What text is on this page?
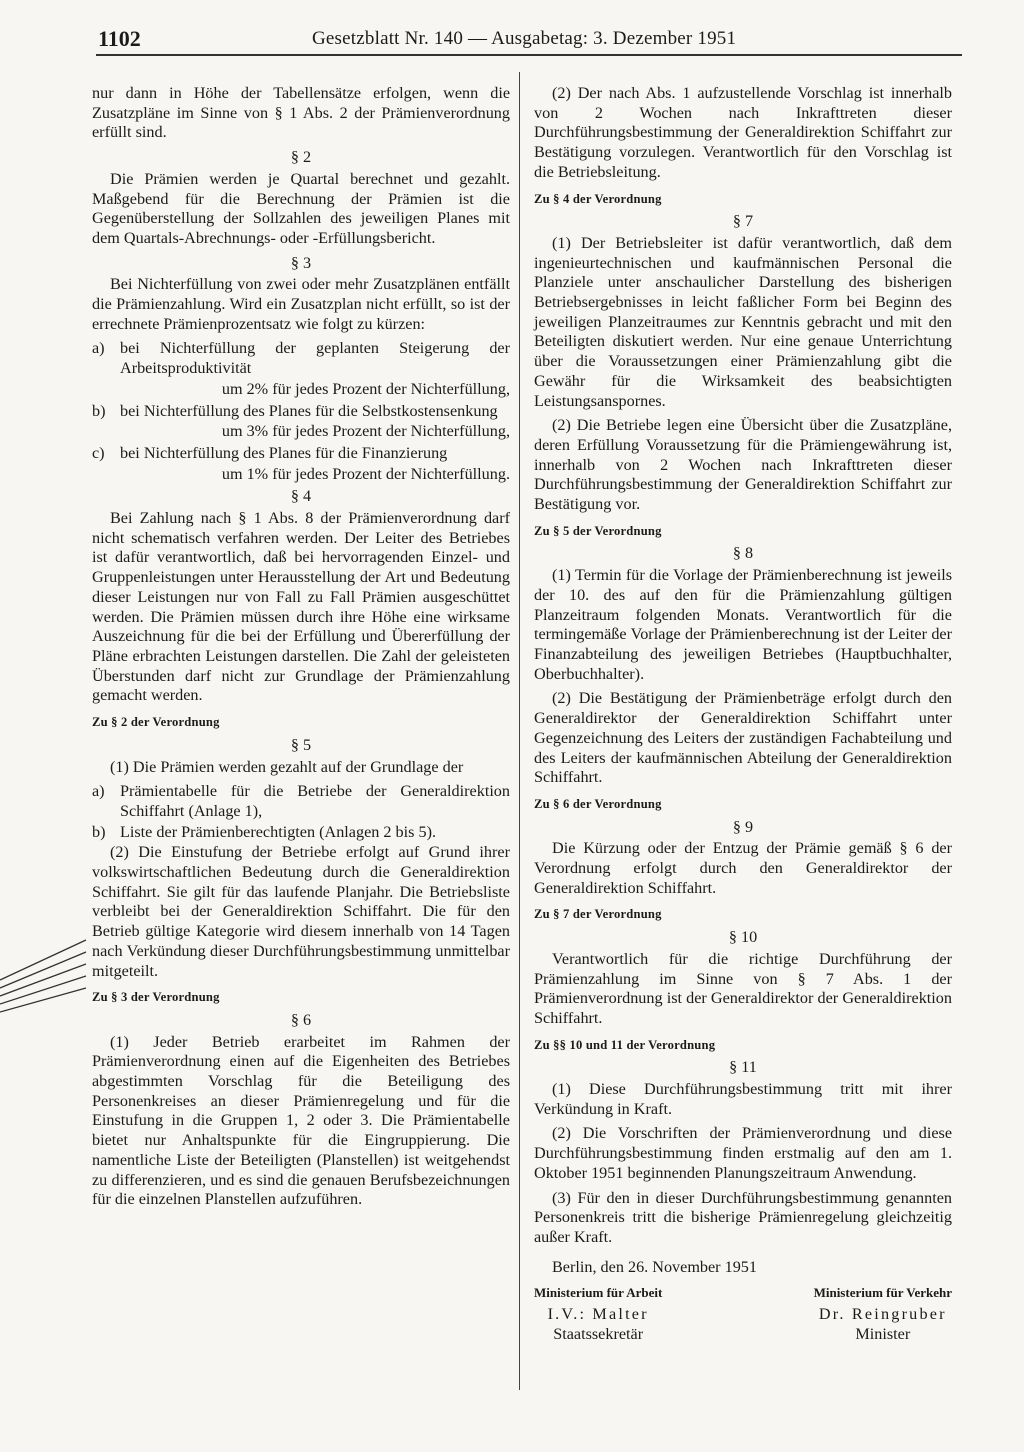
1102	Gesetzblatt Nr. 140 — Ausgabetag: 3. Dezember 1951

nur dann in Höhe der Tabellensätze erfolgen, wenn die Zusatzpläne im Sinne von § 1 Abs. 2 der Prämienverordnung erfüllt sind.

§ 2

Die Prämien werden je Quartal berechnet und gezahlt. Maßgebend für die Berechnung der Prämien ist die Gegenüberstellung der Sollzahlen des jeweiligen Planes mit dem Quartals-Abrechnungs- oder -Erfüllungsbericht.

§ 3

Bei Nichterfüllung von zwei oder mehr Zusatzplänen entfällt die Prämienzahlung. Wird ein Zusatzplan nicht erfüllt, so ist der errechnete Prämienprozentsatz wie folgt zu kürzen:

a) bei Nichterfüllung der geplanten Steigerung der Arbeitsproduktivität
um 2% für jedes Prozent der Nichterfüllung,
b) bei Nichterfüllung des Planes für die Selbstkostensenkung
um 3% für jedes Prozent der Nichterfüllung,
c) bei Nichterfüllung des Planes für die Finanzierung
um 1% für jedes Prozent der Nichterfüllung.
§ 4

Bei Zahlung nach § 1 Abs. 8 der Prämienverordnung darf nicht schematisch verfahren werden. Der Leiter des Betriebes ist dafür verantwortlich, daß bei hervorragenden Einzel- und Gruppenleistungen unter Herausstellung der Art und Bedeutung dieser Leistungen nur von Fall zu Fall Prämien ausgeschüttet werden. Die Prämien müssen durch ihre Höhe eine wirksame Auszeichnung für die bei der Erfüllung und Übererfüllung der Pläne erbrachten Leistungen darstellen. Die Zahl der geleisteten Überstunden darf nicht zur Grundlage der Prämienzahlung gemacht werden.

Zu § 2 der Verordnung
§ 5

(1) Die Prämien werden gezahlt auf der Grundlage der

a) Prämientabelle für die Betriebe der Generaldirektion Schiffahrt (Anlage 1),
b) Liste der Prämienberechtigten (Anlagen 2 bis 5).

(2) Die Einstufung der Betriebe erfolgt auf Grund ihrer volkswirtschaftlichen Bedeutung durch die Generaldirektion Schiffahrt. Sie gilt für das laufende Planjahr. Die Betriebsliste verbleibt bei der Generaldirektion Schiffahrt. Die für den Betrieb gültige Kategorie wird diesem innerhalb von 14 Tagen nach Verkündung dieser Durchführungsbestimmung unmittelbar mitgeteilt.

Zu § 3 der Verordnung
§ 6

(1) Jeder Betrieb erarbeitet im Rahmen der Prämienverordnung einen auf die Eigenheiten des Betriebes abgestimmten Vorschlag für die Beteiligung des Personenkreises an dieser Prämienregelung und für die Einstufung in die Gruppen 1, 2 oder 3. Die Prämientabelle bietet nur Anhaltspunkte für die Eingruppierung. Die namentliche Liste der Beteiligten (Planstellen) ist weitgehendst zu differenzieren, und es sind die genauen Berufsbezeichnungen für die einzelnen Planstellen aufzuführen.

(2) Der nach Abs. 1 aufzustellende Vorschlag ist innerhalb von 2 Wochen nach Inkrafttreten dieser Durchführungsbestimmung der Generaldirektion Schiffahrt zur Bestätigung vorzulegen. Verantwortlich für den Vorschlag ist die Betriebsleitung.

Zu § 4 der Verordnung
§ 7

(1) Der Betriebsleiter ist dafür verantwortlich, daß dem ingenieurtechnischen und kaufmännischen Personal die Planziele unter anschaulicher Darstellung des bisherigen Betriebsergebnisses in leicht faßlicher Form bei Beginn des jeweiligen Planzeitraumes zur Kenntnis gebracht und mit den Beteiligten diskutiert werden. Nur eine genaue Unterrichtung über die Voraussetzungen einer Prämienzahlung gibt die Gewähr für die Wirksamkeit des beabsichtigten Leistungsanspornes.

(2) Die Betriebe legen eine Übersicht über die Zusatzpläne, deren Erfüllung Voraussetzung für die Prämiengewährung ist, innerhalb von 2 Wochen nach Inkrafttreten dieser Durchführungsbestimmung der Generaldirektion Schiffahrt zur Bestätigung vor.

Zu § 5 der Verordnung
§ 8

(1) Termin für die Vorlage der Prämienberechnung ist jeweils der 10. des auf den für die Prämienzahlung gültigen Planzeitraum folgenden Monats. Verantwortlich für die termingemäße Vorlage der Prämienberechnung ist der Leiter der Finanzabteilung des jeweiligen Betriebes (Hauptbuchhalter, Oberbuchhalter).

(2) Die Bestätigung der Prämienbeträge erfolgt durch den Generaldirektor der Generaldirektion Schiffahrt unter Gegenzeichnung des Leiters der zuständigen Fachabteilung und des Leiters der kaufmännischen Abteilung der Generaldirektion Schiffahrt.

Zu § 6 der Verordnung
§ 9

Die Kürzung oder der Entzug der Prämie gemäß § 6 der Verordnung erfolgt durch den Generaldirektor der Generaldirektion Schiffahrt.

Zu § 7 der Verordnung
§ 10

Verantwortlich für die richtige Durchführung der Prämienzahlung im Sinne von § 7 Abs. 1 der Prämienverordnung ist der Generaldirektor der Generaldirektion Schiffahrt.

Zu §§ 10 und 11 der Verordnung
§ 11

(1) Diese Durchführungsbestimmung tritt mit ihrer Verkündung in Kraft.

(2) Die Vorschriften der Prämienverordnung und diese Durchführungsbestimmung finden erstmalig auf den am 1. Oktober 1951 beginnenden Planungszeitraum Anwendung.

(3) Für den in dieser Durchführungsbestimmung genannten Personenkreis tritt die bisherige Prämienregelung gleichzeitig außer Kraft.

Berlin, den 26. November 1951
Ministerium für Arbeit
I.V.: Malter
Staatssekretär
Ministerium für Verkehr
Dr. Reingruber
Minister
